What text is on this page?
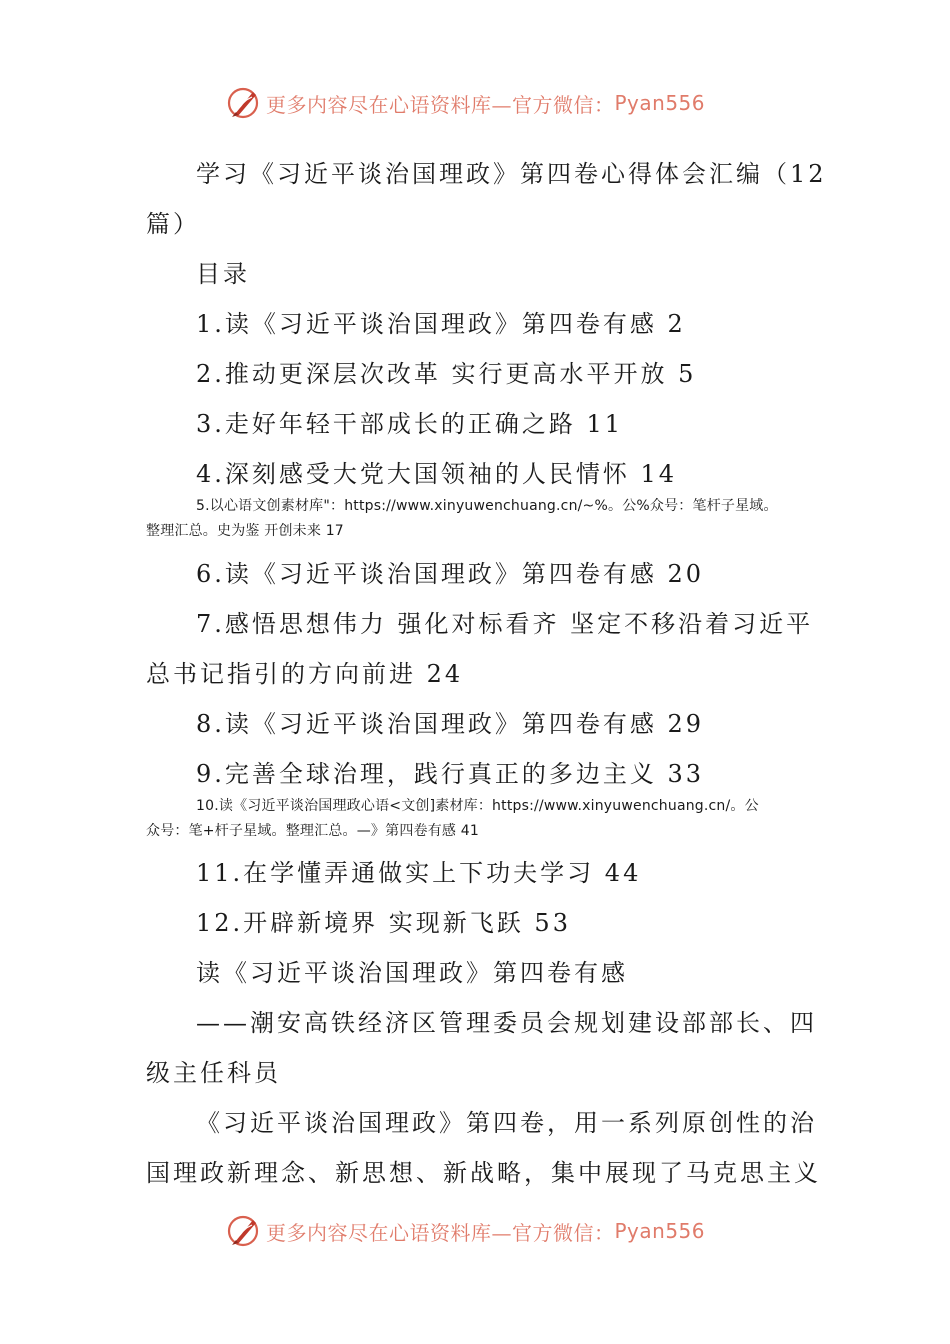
更多内容尽在心语资料库—官方微信： Pyan556
学习《习近平谈治国理政》第四卷心得体会汇编（12
篇）
目录
1.读《习近平谈治国理政》第四卷有感 2
2.推动更深层次改革 实行更高水平开放 5
3.走好年轻干部成长的正确之路 11
4.深刻感受大党大国领袖的人民情怀 14
5.以心语文创素材库"：https://www.xinyuwenchuang.cn/~%。公%众号：笔杆子星域。
整理汇总。史为鉴 开创未来 17
6.读《习近平谈治国理政》第四卷有感 20
7.感悟思想伟力 强化对标看齐 坚定不移沿着习近平
总书记指引的方向前进 24
8.读《习近平谈治国理政》第四卷有感 29
9.完善全球治理，践行真正的多边主义 33
10.读《习近平谈治国理政心语<文创]素材库：https://www.xinyuwenchuang.cn/。公
众号：笔+杆子星域。整理汇总。—》第四卷有感 41
11.在学懂弄通做实上下功夫学习 44
12.开辟新境界 实现新飞跃 53
读《习近平谈治国理政》第四卷有感
——潮安高铁经济区管理委员会规划建设部部长、四
级主任科员
《习近平谈治国理政》第四卷，用一系列原创性的治
国理政新理念、新思想、新战略，集中展现了马克思主义
更多内容尽在心语资料库—官方微信： Pyan556
